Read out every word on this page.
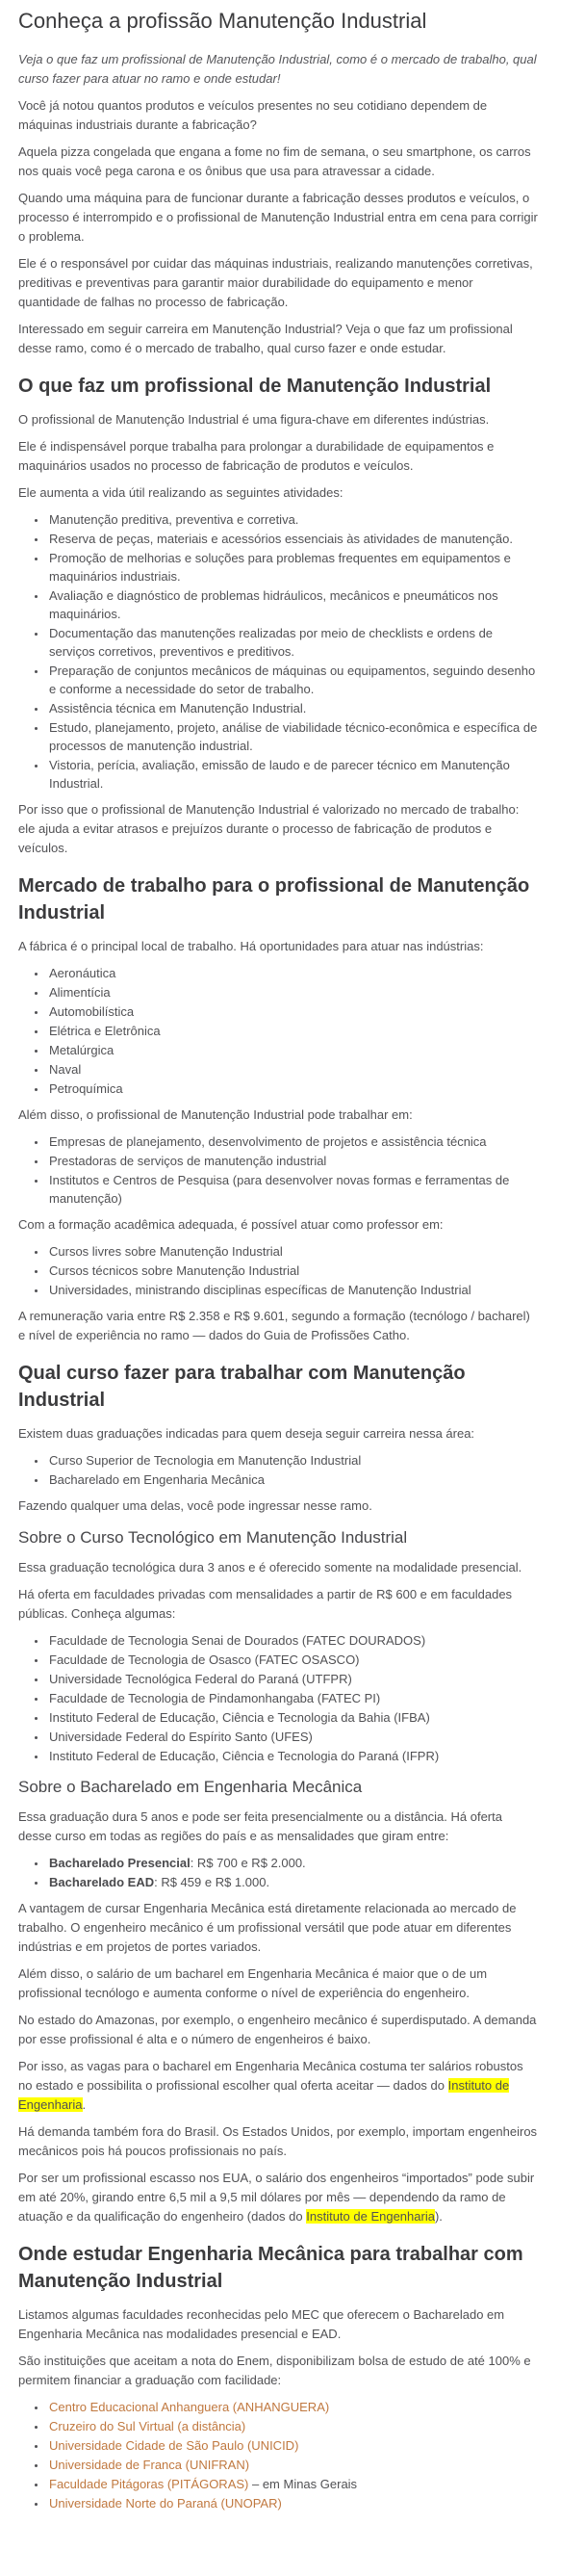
Conheça a profissão Manutenção Industrial

Veja o que faz um profissional de Manutenção Industrial, como é o mercado de trabalho, qual curso fazer para atuar no ramo e onde estudar!

Você já notou quantos produtos e veículos presentes no seu cotidiano dependem de máquinas industriais durante a fabricação?

Aquela pizza congelada que engana a fome no fim de semana, o seu smartphone, os carros nos quais você pega carona e os ônibus que usa para atravessar a cidade.

Quando uma máquina para de funcionar durante a fabricação desses produtos e veículos, o processo é interrompido e o profissional de Manutenção Industrial entra em cena para corrigir o problema.

Ele é o responsável por cuidar das máquinas industriais, realizando manutenções corretivas, preditivas e preventivas para garantir maior durabilidade do equipamento e menor quantidade de falhas no processo de fabricação.

Interessado em seguir carreira em Manutenção Industrial? Veja o que faz um profissional desse ramo, como é o mercado de trabalho, qual curso fazer e onde estudar.

O que faz um profissional de Manutenção Industrial

O profissional de Manutenção Industrial é uma figura-chave em diferentes indústrias.

Ele é indispensável porque trabalha para prolongar a durabilidade de equipamentos e maquinários usados no processo de fabricação de produtos e veículos.

Ele aumenta a vida útil realizando as seguintes atividades:

• Manutenção preditiva, preventiva e corretiva.
• Reserva de peças, materiais e acessórios essenciais às atividades de manutenção.
• Promoção de melhorias e soluções para problemas frequentes em equipamentos e maquinários industriais.
• Avaliação e diagnóstico de problemas hidráulicos, mecânicos e pneumáticos nos maquinários.
• Documentação das manutenções realizadas por meio de checklists e ordens de serviços corretivos, preventivos e preditivos.
• Preparação de conjuntos mecânicos de máquinas ou equipamentos, seguindo desenho e conforme a necessidade do setor de trabalho.
• Assistência técnica em Manutenção Industrial.
• Estudo, planejamento, projeto, análise de viabilidade técnico-econômica e específica de processos de manutenção industrial.
• Vistoria, perícia, avaliação, emissão de laudo e de parecer técnico em Manutenção Industrial.

Por isso que o profissional de Manutenção Industrial é valorizado no mercado de trabalho: ele ajuda a evitar atrasos e prejuízos durante o processo de fabricação de produtos e veículos.

Mercado de trabalho para o profissional de Manutenção Industrial

A fábrica é o principal local de trabalho. Há oportunidades para atuar nas indústrias:

• Aeronáutica
• Alimentícia
• Automobilística
• Elétrica e Eletrônica
• Metalúrgica
• Naval
• Petroquímica

Além disso, o profissional de Manutenção Industrial pode trabalhar em:

• Empresas de planejamento, desenvolvimento de projetos e assistência técnica
• Prestadoras de serviços de manutenção industrial
• Institutos e Centros de Pesquisa (para desenvolver novas formas e ferramentas de manutenção)

Com a formação acadêmica adequada, é possível atuar como professor em:

• Cursos livres sobre Manutenção Industrial
• Cursos técnicos sobre Manutenção Industrial
• Universidades, ministrando disciplinas específicas de Manutenção Industrial

A remuneração varia entre R$ 2.358 e R$ 9.601, segundo a formação (tecnólogo / bacharel) e nível de experiência no ramo — dados do Guia de Profissões Catho.

Qual curso fazer para trabalhar com Manutenção Industrial

Existem duas graduações indicadas para quem deseja seguir carreira nessa área:

• Curso Superior de Tecnologia em Manutenção Industrial
• Bacharelado em Engenharia Mecânica

Fazendo qualquer uma delas, você pode ingressar nesse ramo.

Sobre o Curso Tecnológico em Manutenção Industrial

Essa graduação tecnológica dura 3 anos e é oferecido somente na modalidade presencial.

Há oferta em faculdades privadas com mensalidades a partir de R$ 600 e em faculdades públicas. Conheça algumas:

• Faculdade de Tecnologia Senai de Dourados (FATEC DOURADOS)
• Faculdade de Tecnologia de Osasco (FATEC OSASCO)
• Universidade Tecnológica Federal do Paraná (UTFPR)
• Faculdade de Tecnologia de Pindamonhangaba (FATEC PI)
• Instituto Federal de Educação, Ciência e Tecnologia da Bahia (IFBA)
• Universidade Federal do Espírito Santo (UFES)
• Instituto Federal de Educação, Ciência e Tecnologia do Paraná (IFPR)
Sobre o Bacharelado em Engenharia Mecânica

Essa graduação dura 5 anos e pode ser feita presencialmente ou a distância. Há oferta desse curso em todas as regiões do país e as mensalidades que giram entre:

• Bacharelado Presencial: R$ 700 e R$ 2.000.
• Bacharelado EAD: R$ 459 e R$ 1.000.

A vantagem de cursar Engenharia Mecânica está diretamente relacionada ao mercado de trabalho. O engenheiro mecânico é um profissional versátil que pode atuar em diferentes indústrias e em projetos de portes variados.

Além disso, o salário de um bacharel em Engenharia Mecânica é maior que o de um profissional tecnólogo e aumenta conforme o nível de experiência do engenheiro.

No estado do Amazonas, por exemplo, o engenheiro mecânico é superdisputado. A demanda por esse profissional é alta e o número de engenheiros é baixo.

Por isso, as vagas para o bacharel em Engenharia Mecânica costuma ter salários robustos no estado e possibilita o profissional escolher qual oferta aceitar — dados do Instituto de Engenharia.

Há demanda também fora do Brasil. Os Estados Unidos, por exemplo, importam engenheiros mecânicos pois há poucos profissionais no país.

Por ser um profissional escasso nos EUA, o salário dos engenheiros “importados” pode subir em até 20%, girando entre 6,5 mil a 9,5 mil dólares por mês — dependendo da ramo de atuação e da qualificação do engenheiro (dados do Instituto de Engenharia).

Onde estudar Engenharia Mecânica para trabalhar com Manutenção Industrial

Listamos algumas faculdades reconhecidas pelo MEC que oferecem o Bacharelado em Engenharia Mecânica nas modalidades presencial e EAD.

São instituições que aceitam a nota do Enem, disponibilizam bolsa de estudo de até 100% e permitem financiar a graduação com facilidade:

• Centro Educacional Anhanguera (ANHANGUERA)
• Cruzeiro do Sul Virtual (a distância)
• Universidade Cidade de São Paulo (UNICID)
• Universidade de Franca (UNIFRAN)
• Faculdade Pitágoras (PITÁGORAS) – em Minas Gerais
• Universidade Norte do Paraná (UNOPAR)
